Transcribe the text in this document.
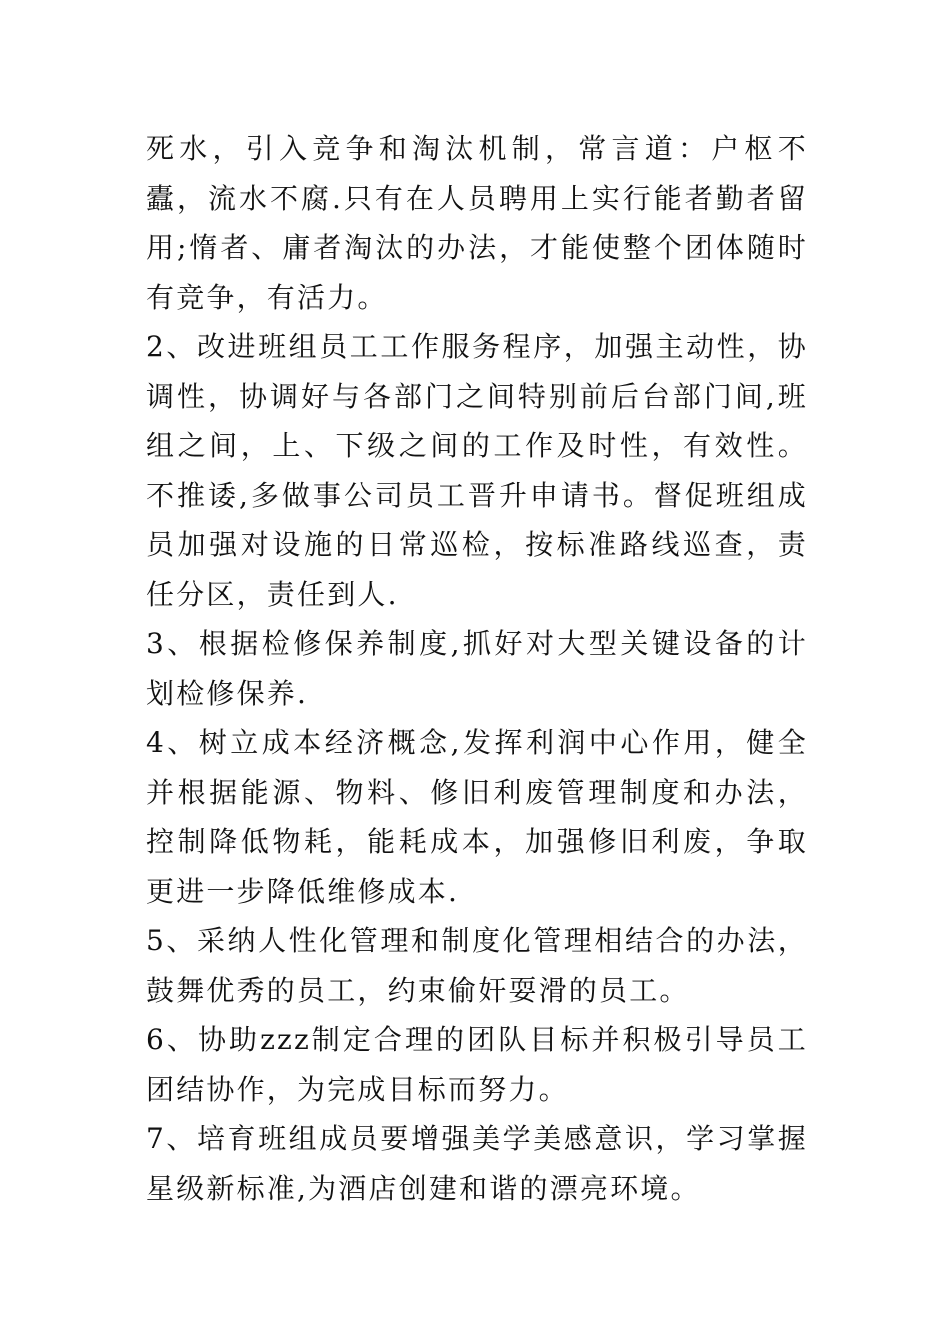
死水，引入竞争和淘汰机制，常言道：户枢不蠹，流水不腐.只有在人员聘用上实行能者勤者留用;惰者、庸者淘汰的办法，才能使整个团体随时有竞争，有活力。

2、改进班组员工工作服务程序，加强主动性，协调性，协调好与各部门之间特别前后台部门间,班组之间，上、下级之间的工作及时性，有效性。不推诿,多做事公司员工晋升申请书。督促班组成员加强对设施的日常巡检，按标准路线巡查，责任分区，责任到人.

3、根据检修保养制度,抓好对大型关键设备的计划检修保养.

4、树立成本经济概念,发挥利润中心作用，健全并根据能源、物料、修旧利废管理制度和办法，控制降低物耗，能耗成本，加强修旧利废，争取更进一步降低维修成本.

5、采纳人性化管理和制度化管理相结合的办法，鼓舞优秀的员工，约束偷奸耍滑的员工。

6、协助zzz制定合理的团队目标并积极引导员工团结协作，为完成目标而努力。

7、培育班组成员要增强美学美感意识，学习掌握星级新标准,为酒店创建和谐的漂亮环境。
